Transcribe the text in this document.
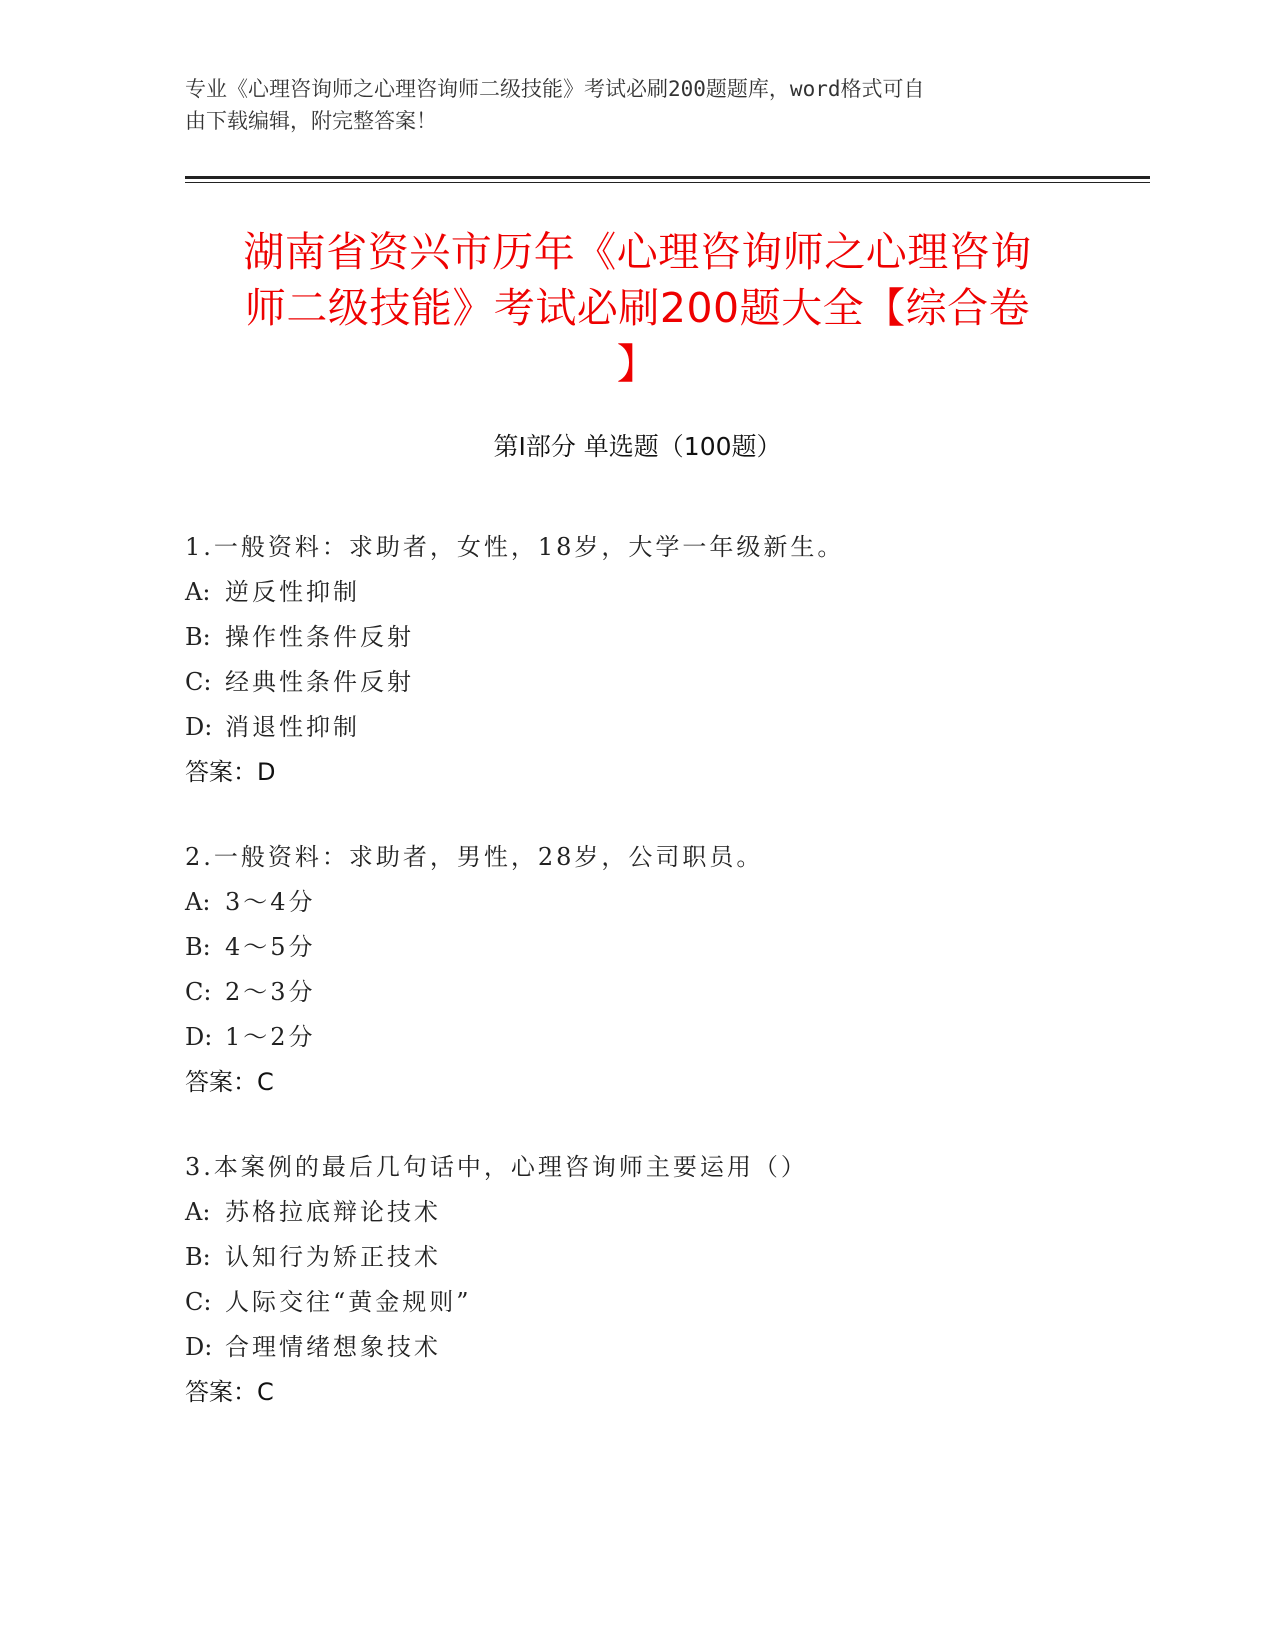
专业《心理咨询师之心理咨询师二级技能》考试必刷200题题库，word格式可自
由下载编辑，附完整答案！
湖南省资兴市历年《心理咨询师之心理咨询
师二级技能》考试必刷200题大全【综合卷
】
第Ⅰ部分 单选题（100题）
1.一般资料：求助者，女性，18岁，大学一年级新生。
A: 逆反性抑制
B: 操作性条件反射
C: 经典性条件反射
D: 消退性抑制
答案：D
2.一般资料：求助者，男性，28岁，公司职员。
A: 3～4分
B: 4～5分
C: 2～3分
D: 1～2分
答案：C
3.本案例的最后几句话中，心理咨询师主要运用（）
A: 苏格拉底辩论技术
B: 认知行为矫正技术
C: 人际交往“黄金规则”
D: 合理情绪想象技术
答案：C
